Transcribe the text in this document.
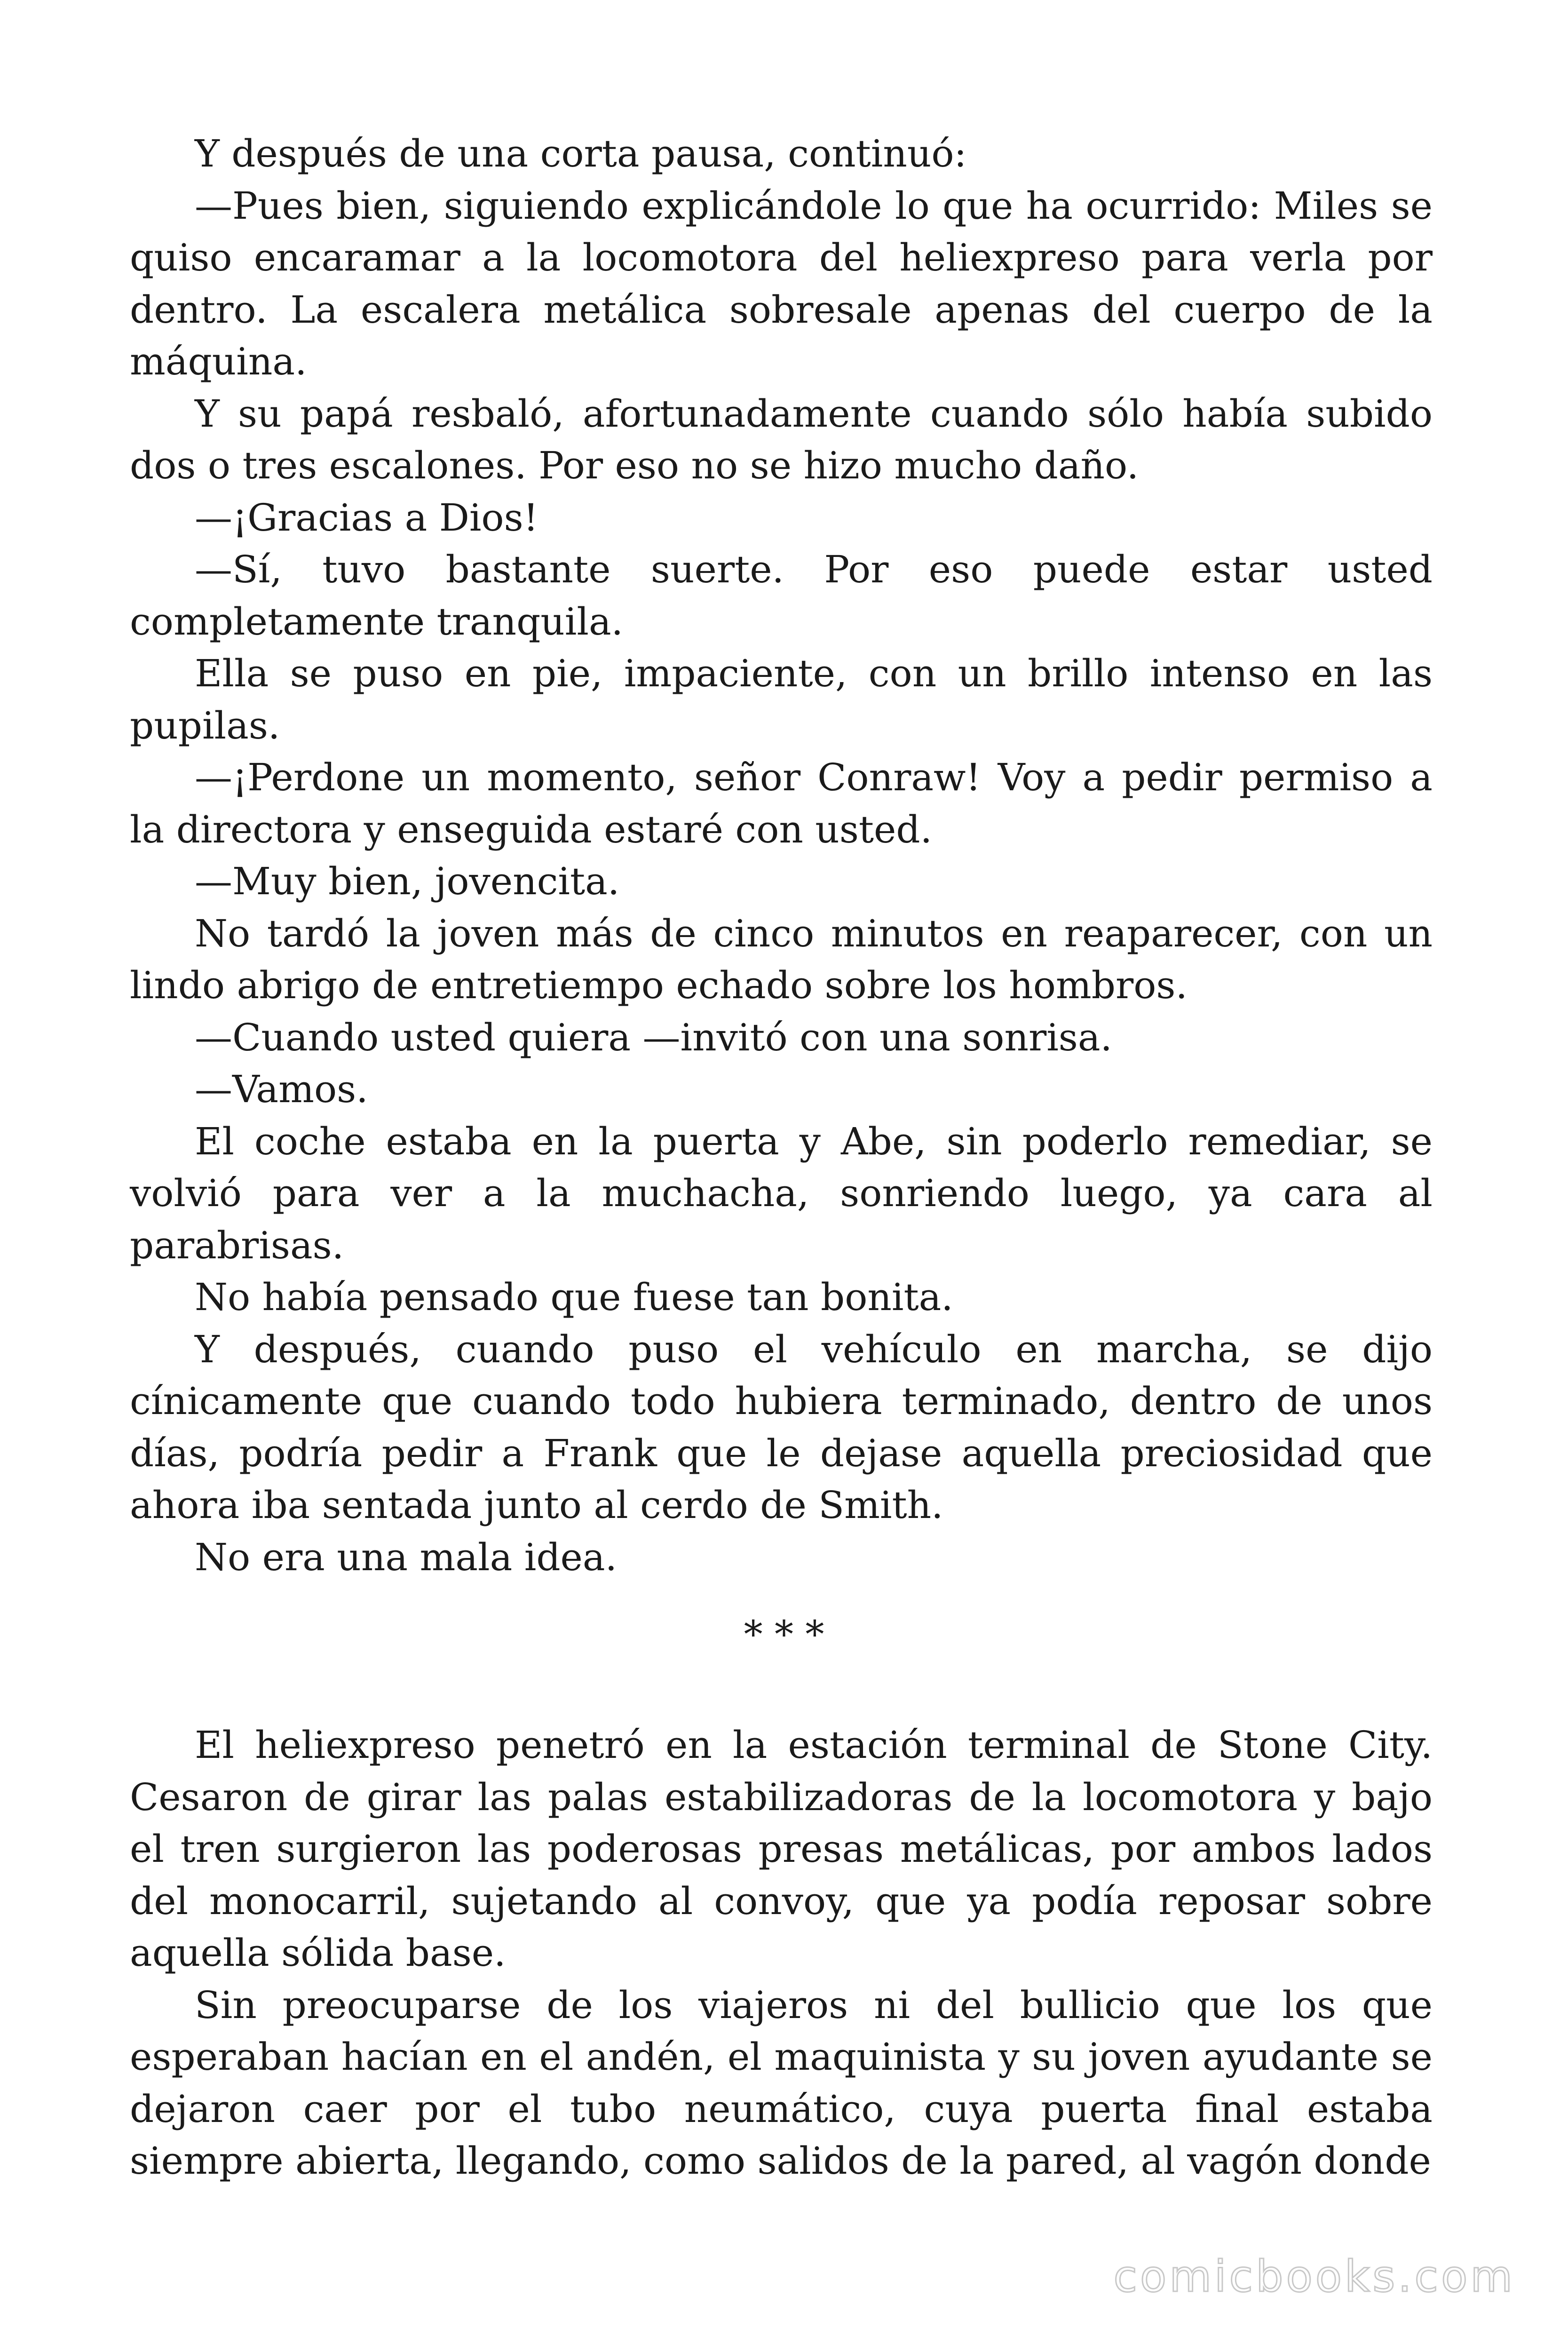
Y después de una corta pausa, continuó:

—Pues bien, siguiendo explicándole lo que ha ocurrido: Miles se quiso encaramar a la locomotora del heliexpreso para verla por dentro. La escalera metálica sobresale apenas del cuerpo de la máquina.

Y su papá resbaló, afortunadamente cuando sólo había subido dos o tres escalones. Por eso no se hizo mucho daño.

—¡Gracias a Dios!

—Sí, tuvo bastante suerte. Por eso puede estar usted completamente tranquila.

Ella se puso en pie, impaciente, con un brillo intenso en las pupilas.

—¡Perdone un momento, señor Conraw! Voy a pedir permiso a la directora y enseguida estaré con usted.

—Muy bien, jovencita.

No tardó la joven más de cinco minutos en reaparecer, con un lindo abrigo de entretiempo echado sobre los hombros.

—Cuando usted quiera —invitó con una sonrisa.

—Vamos.

El coche estaba en la puerta y Abe, sin poderlo remediar, se volvió para ver a la muchacha, sonriendo luego, ya cara al parabrisas.

No había pensado que fuese tan bonita.

Y después, cuando puso el vehículo en marcha, se dijo cínicamente que cuando todo hubiera terminado, dentro de unos días, podría pedir a Frank que le dejase aquella preciosidad que ahora iba sentada junto al cerdo de Smith.

No era una mala idea.

* * *

El heliexpreso penetró en la estación terminal de Stone City. Cesaron de girar las palas estabilizadoras de la locomotora y bajo el tren surgieron las poderosas presas metálicas, por ambos lados del monocarril, sujetando al convoy, que ya podía reposar sobre aquella sólida base.

Sin preocuparse de los viajeros ni del bullicio que los que esperaban hacían en el andén, el maquinista y su joven ayudante se dejaron caer por el tubo neumático, cuya puerta final estaba siempre abierta, llegando, como salidos de la pared, al vagón donde

comicbooks.com
